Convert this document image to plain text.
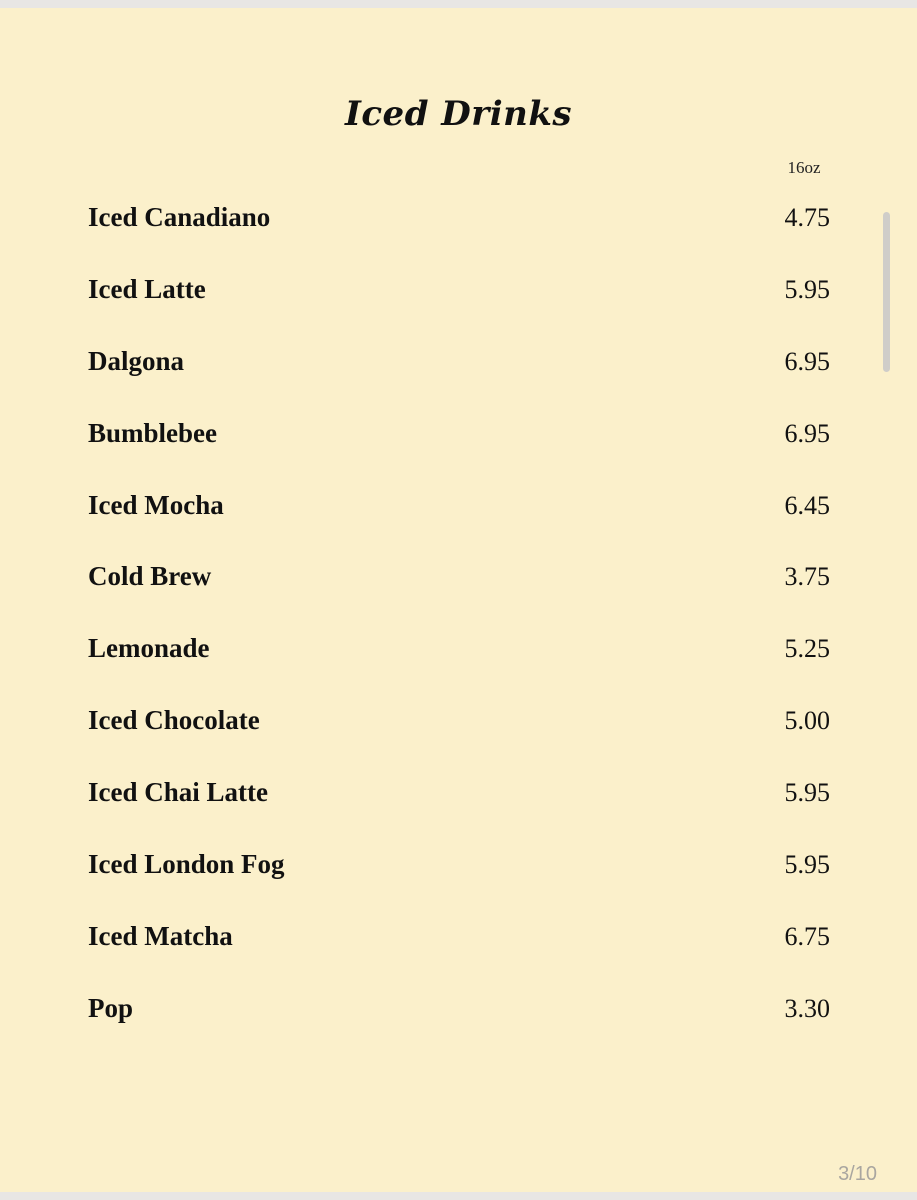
Iced Drinks
16oz
Iced Canadiano	4.75
Iced Latte	5.95
Dalgona	6.95
Bumblebee	6.95
Iced Mocha	6.45
Cold Brew	3.75
Lemonade	5.25
Iced Chocolate	5.00
Iced Chai Latte	5.95
Iced London Fog	5.95
Iced Matcha	6.75
Pop	3.30
3/10
